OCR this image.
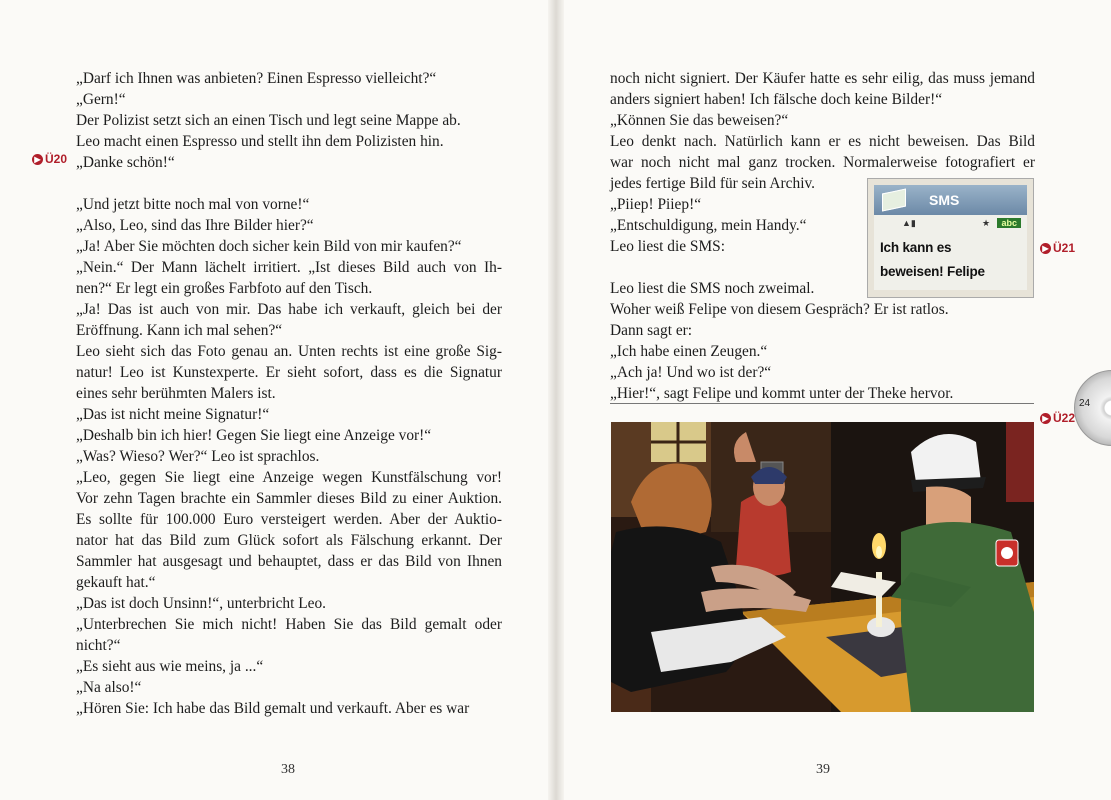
„Darf ich Ihnen was anbieten? Einen Espresso vielleicht?“
„Gern!“
Der Polizist setzt sich an einen Tisch und legt seine Mappe ab.
Leo macht einen Espresso und stellt ihn dem Polizisten hin.
„Danke schön!“
„Und jetzt bitte noch mal von vorne!“
„Also, Leo, sind das Ihre Bilder hier?“
„Ja! Aber Sie möchten doch sicher kein Bild von mir kaufen?“
„Nein.“ Der Mann lächelt irritiert. „Ist dieses Bild auch von Ih-
nen?“ Er legt ein großes Farbfoto auf den Tisch.
„Ja! Das ist auch von mir. Das habe ich verkauft, gleich bei der
Eröffnung. Kann ich mal sehen?“
Leo sieht sich das Foto genau an. Unten rechts ist eine große Sig-
natur! Leo ist Kunstexperte. Er sieht sofort, dass es die Signatur
eines sehr berühmten Malers ist.
„Das ist nicht meine Signatur!“
„Deshalb bin ich hier! Gegen Sie liegt eine Anzeige vor!“
„Was? Wieso? Wer?“ Leo ist sprachlos.
„Leo, gegen Sie liegt eine Anzeige wegen Kunstfälschung vor!
Vor zehn Tagen brachte ein Sammler dieses Bild zu einer Auktion.
Es sollte für 100.000 Euro versteigert werden. Aber der Auktio-
nator hat das Bild zum Glück sofort als Fälschung erkannt. Der
Sammler hat ausgesagt und behauptet, dass er das Bild von Ihnen
gekauft hat.“
„Das ist doch Unsinn!“, unterbricht Leo.
„Unterbrechen Sie mich nicht! Haben Sie das Bild gemalt oder
nicht?“
„Es sieht aus wie meins, ja ...“
„Na also!“
„Hören Sie: Ich habe das Bild gemalt und verkauft. Aber es war
▶ Ü20
38
noch nicht signiert. Der Käufer hatte es sehr eilig, das muss jemand
anders signiert haben! Ich fälsche doch keine Bilder!“
„Können Sie das beweisen?“
Leo denkt nach. Natürlich kann er es nicht beweisen. Das Bild
war noch nicht mal ganz trocken. Normalerweise fotografiert er
jedes fertige Bild für sein Archiv.
„Piiep! Piiep!“
„Entschuldigung, mein Handy.“
Leo liest die SMS:
Leo liest die SMS noch zweimal.
Woher weiß Felipe von diesem Gespräch? Er ist ratlos.
Dann sagt er:
„Ich habe einen Zeugen.“
„Ach ja! Und wo ist der?“
„Hier!“, sagt Felipe und kommt unter der Theke hervor.
SMS
▲▮	★	abc
Ich kann es
beweisen! Felipe
▶ Ü21
24
▶ Ü22
39
